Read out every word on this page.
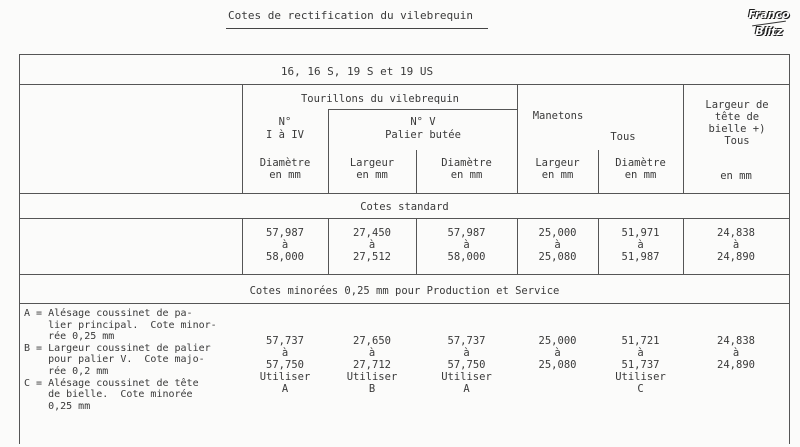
Cotes de rectification du vilebrequin	Franco
Blitz
16, 16 S, 19 S et 19 US
Tourillons du vilebrequin
N°
I à IV
N° V
Palier butée
Manetons
Tous
Largeur de
tête de
bielle +)
Tous
Diamètre
en mm
Largeur
en mm
Diamètre
en mm
Largeur
en mm
Diamètre
en mm	en mm
Cotes standard
57,987
à
58,000
27,450
à
27,512
57,987
à
58,000
25,000
à
25,080
51,971
à
51,987
24,838
à
24,890
Cotes minorées 0,25 mm pour Production et Service
A = Alésage coussinet de pa-
lier principal.  Cote minor-
rée 0,25 mm
B = Largeur coussinet de palier
pour palier V.  Cote majo-
rée 0,2 mm
C = Alésage coussinet de tête
de bielle.  Cote minorée
0,25 mm
57,737
à
57,750
Utiliser
A
27,650
à
27,712
Utiliser
B
57,737
à
57,750
Utiliser
A
25,000
à
25,080
51,721
à
51,737
Utiliser
C
24,838
à
24,890
